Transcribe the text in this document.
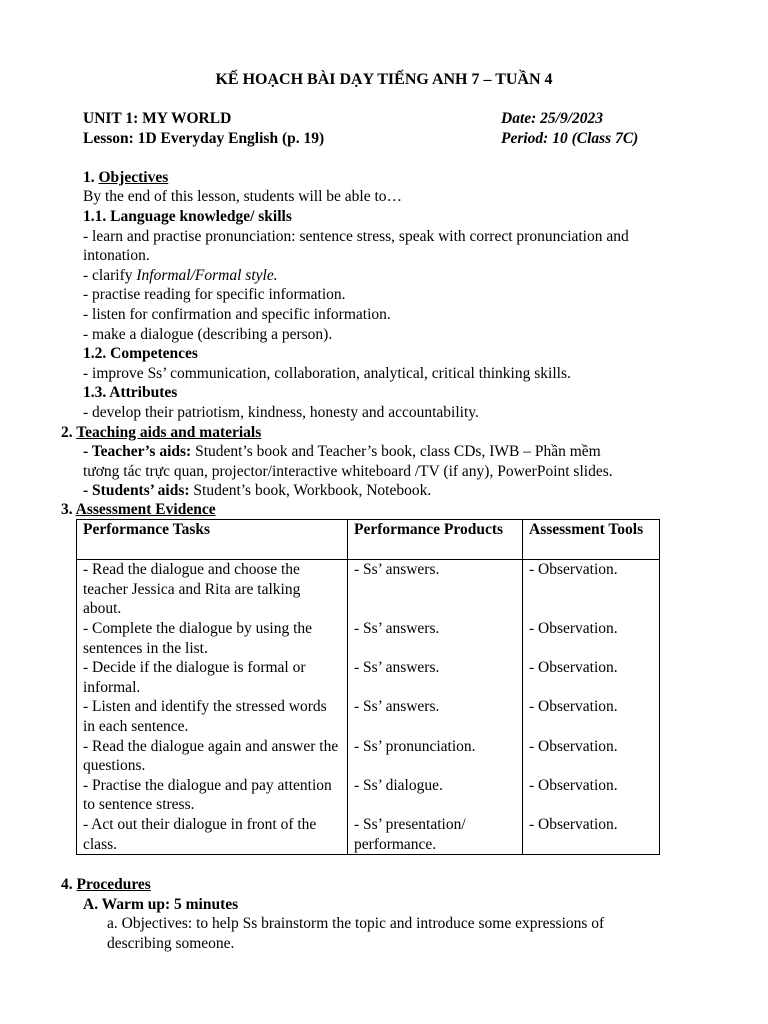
KẾ HOẠCH BÀI DẠY TIẾNG ANH 7 – TUẦN 4
UNIT 1: MY WORLD
Lesson: 1D Everyday English (p. 19)
Date: 25/9/2023
Period: 10 (Class 7C)
1. Objectives
By the end of this lesson, students will be able to…
1.1. Language knowledge/ skills
- learn and practise pronunciation: sentence stress, speak with correct pronunciation and
intonation.
- clarify Informal/Formal style.
- practise reading for specific information.
- listen for confirmation and specific information.
- make a dialogue (describing a person).
1.2. Competences
- improve Ss’ communication, collaboration, analytical, critical thinking skills.
1.3. Attributes
- develop their patriotism, kindness, honesty and accountability.
2. Teaching aids and materials
- Teacher’s aids: Student’s book and Teacher’s book, class CDs, IWB – Phần mềm
tương tác trực quan, projector/interactive whiteboard /TV (if any), PowerPoint slides.
- Students’ aids: Student’s book, Workbook, Notebook.
3. Assessment Evidence
Performance Tasks	Performance Products	Assessment Tools
- Read the dialogue and choose the teacher Jessica and Rita are talking about.	- Ss’ answers.	- Observation.
- Complete the dialogue by using the sentences in the list.	- Ss’ answers.	- Observation.
- Decide if the dialogue is formal or informal.	- Ss’ answers.	- Observation.
- Listen and identify the stressed words in each sentence.	- Ss’ answers.	- Observation.
- Read the dialogue again and answer the questions.	- Ss’ pronunciation.	- Observation.
- Practise the dialogue and pay attention to sentence stress.	- Ss’ dialogue.	- Observation.
- Act out their dialogue in front of the class.	- Ss’ presentation/ performance.	- Observation.
4. Procedures
A. Warm up: 5 minutes
a. Objectives: to help Ss brainstorm the topic and introduce some expressions of
describing someone.
